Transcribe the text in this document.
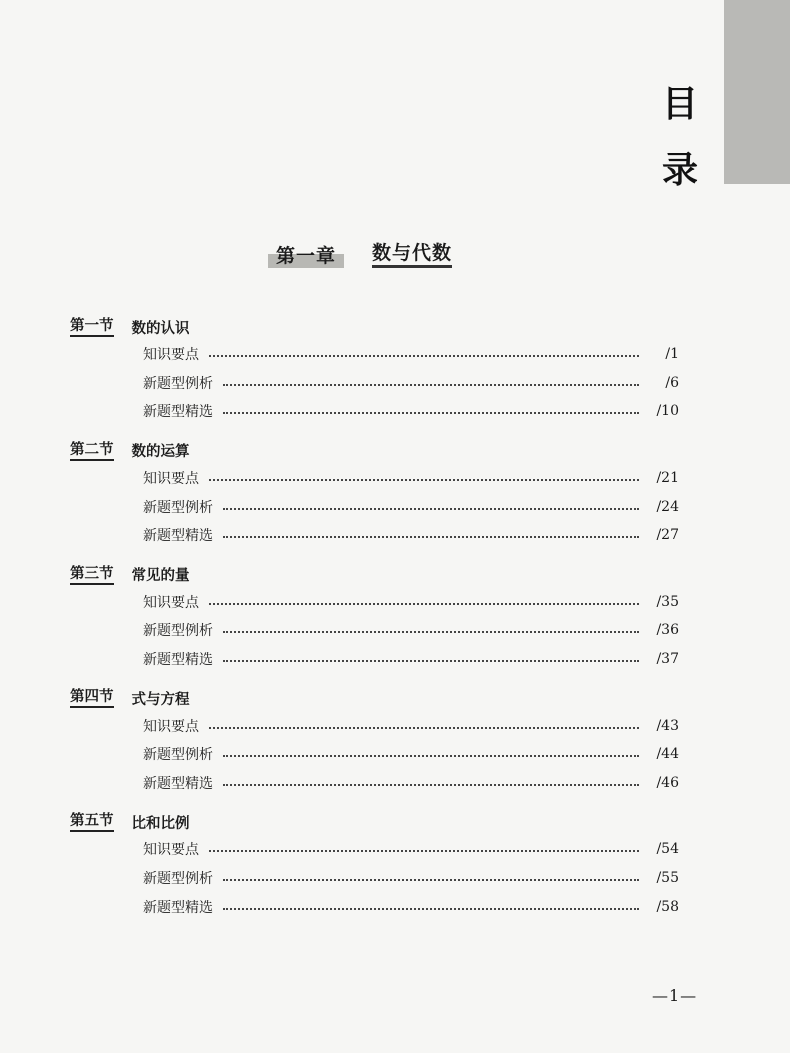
目
录
第一章	数与代数
第一节 数的认识
知识要点	/1
新题型例析	/6
新题型精选	/10
第二节 数的运算
知识要点	/21
新题型例析	/24
新题型精选	/27
第三节 常见的量
知识要点	/35
新题型例析	/36
新题型精选	/37
第四节 式与方程
知识要点	/43
新题型例析	/44
新题型精选	/46
第五节 比和比例
知识要点	/54
新题型例析	/55
新题型精选	/58
—1—
